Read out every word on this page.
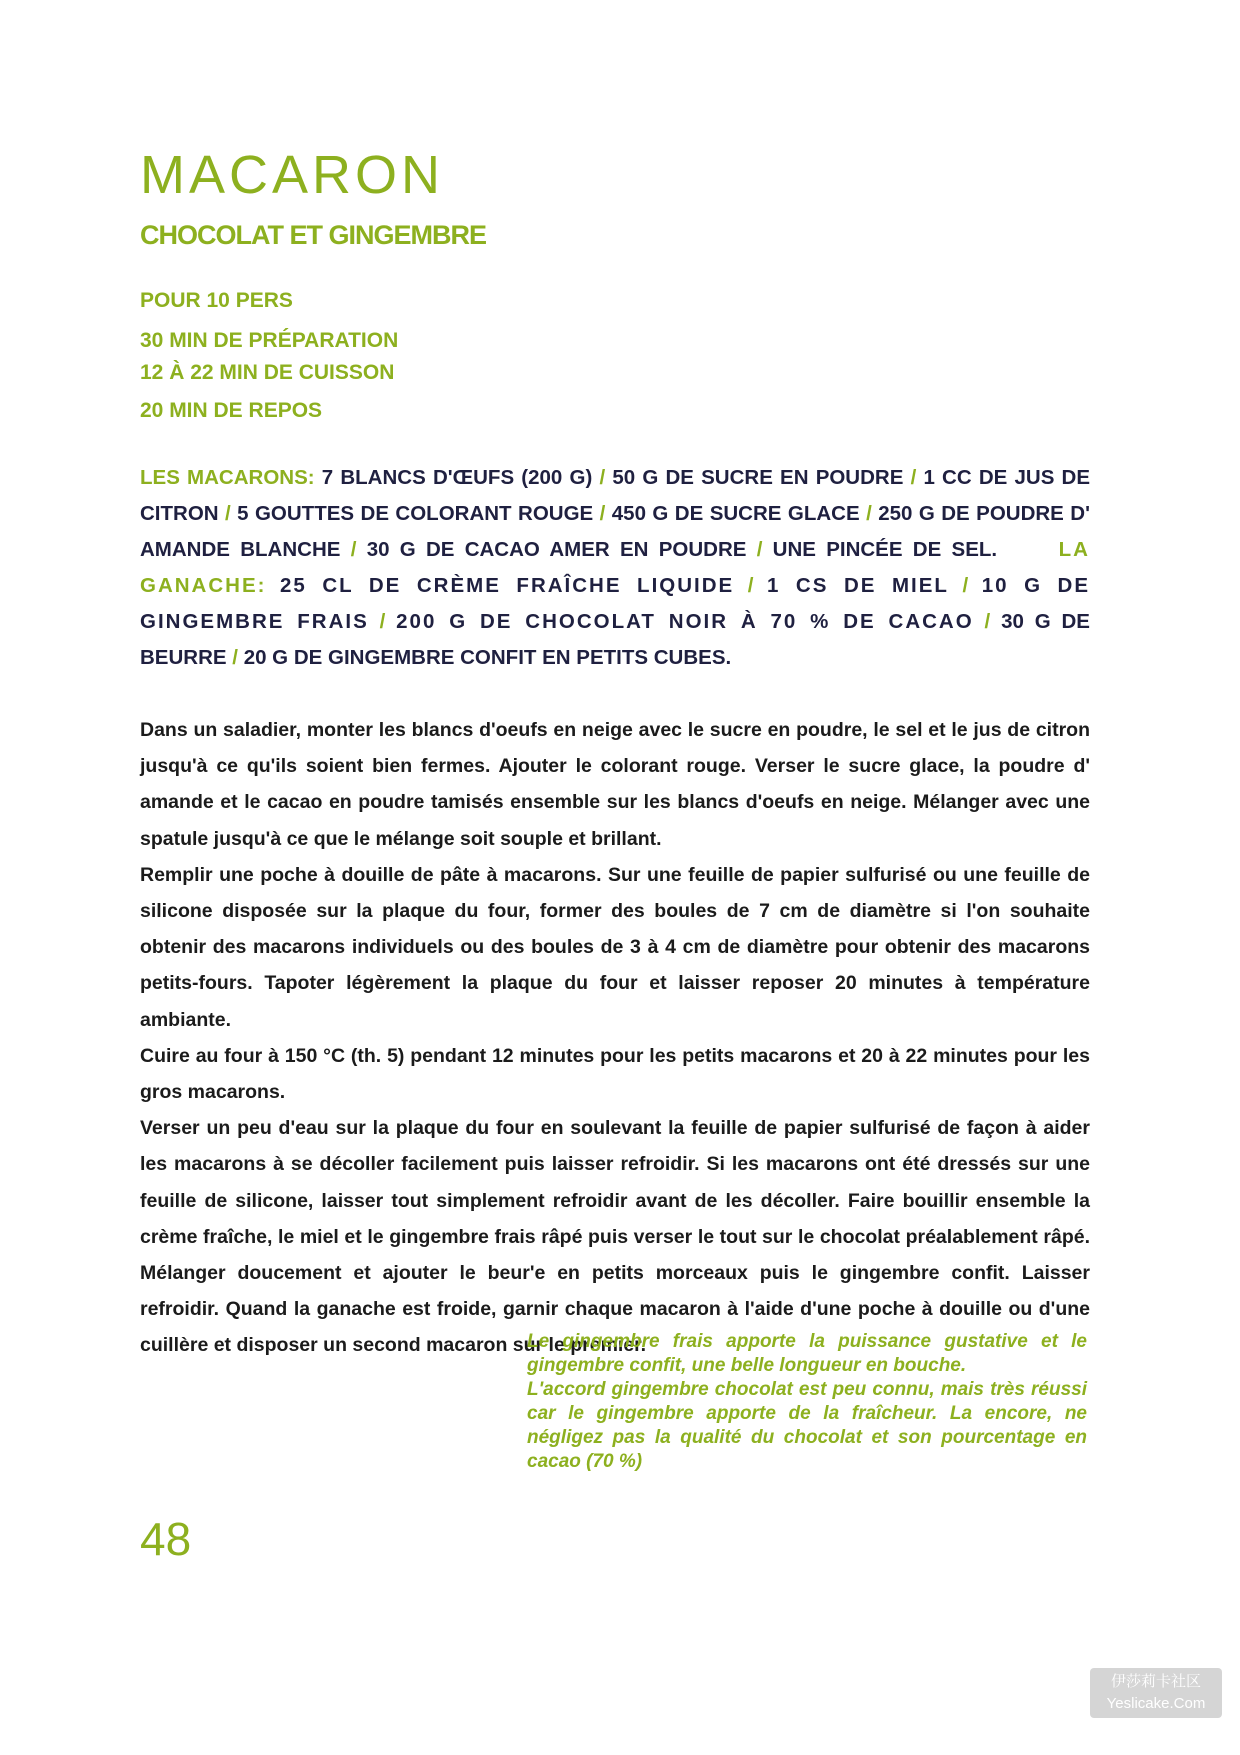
MACARON
CHOCOLAT ET GINGEMBRE
POUR 10 PERS
30 MIN DE PRÉPARATION
12 À 22 MIN DE CUISSON
20 MIN DE REPOS
LES MACARONS: 7 BLANCS D'ŒUFS (200 G) / 50 G DE SUCRE EN POUDRE / 1 CC DE JUS DE CITRON / 5 GOUTTES DE COLORANT ROUGE / 450 G DE SUCRE GLACE / 250 G DE POUDRE D' AMANDE BLANCHE / 30 G DE CACAO AMER EN POUDRE / UNE PINCÉE DE SEL.	LA GANACHE: 25 CL DE CRÈME FRAÎCHE LIQUIDE / 1 CS DE MIEL / 10 G DE GINGEMBRE FRAIS / 200 G DE CHOCOLAT NOIR À 70 % DE CACAO / 30 G DE BEURRE / 20 G DE GINGEMBRE CONFIT EN PETITS CUBES.

Dans un saladier, monter les blancs d'oeufs en neige avec le sucre en poudre, le sel et le jus de citron jusqu'à ce qu'ils soient bien fermes. Ajouter le colorant rouge. Verser le sucre glace, la poudre d' amande et le cacao en poudre tamisés ensemble sur les blancs d'oeufs en neige. Mélanger avec une spatule jusqu'à ce que le mélange soit souple et brillant.

Remplir une poche à douille de pâte à macarons. Sur une feuille de papier sulfurisé ou une feuille de silicone disposée sur la plaque du four, former des boules de 7 cm de diamètre si l'on souhaite obtenir des macarons individuels ou des boules de 3 à 4 cm de diamètre pour obtenir des macarons petits-fours. Tapoter légèrement la plaque du four et laisser reposer 20 minutes à température ambiante.

Cuire au four à 150 °C (th. 5) pendant 12 minutes pour les petits macarons et 20 à 22 minutes pour les gros macarons.

Verser un peu d'eau sur la plaque du four en soulevant la feuille de papier sulfurisé de façon à aider les macarons à se décoller facilement puis laisser refroidir. Si les macarons ont été dressés sur une feuille de silicone, laisser tout simplement refroidir avant de les décoller. Faire bouillir ensemble la crème fraîche, le miel et le gingembre frais râpé puis verser le tout sur le chocolat préalablement râpé. Mélanger doucement et ajouter le beur'e en petits morceaux puis le gingembre confit. Laisser refroidir. Quand la ganache est froide, garnir chaque macaron à l'aide d'une poche à douille ou d'une cuillère et disposer un second macaron sur le premier.

Le gingembre frais apporte la puissance gustative et le gingembre confit, une belle longueur en bouche.

L'accord gingembre chocolat est peu connu, mais très réussi car le gingembre apporte de la fraîcheur. La encore, ne négligez pas la qualité du chocolat et son pourcentage en cacao (70 %)

48
伊莎莉卡社区
Yeslicake.Com
